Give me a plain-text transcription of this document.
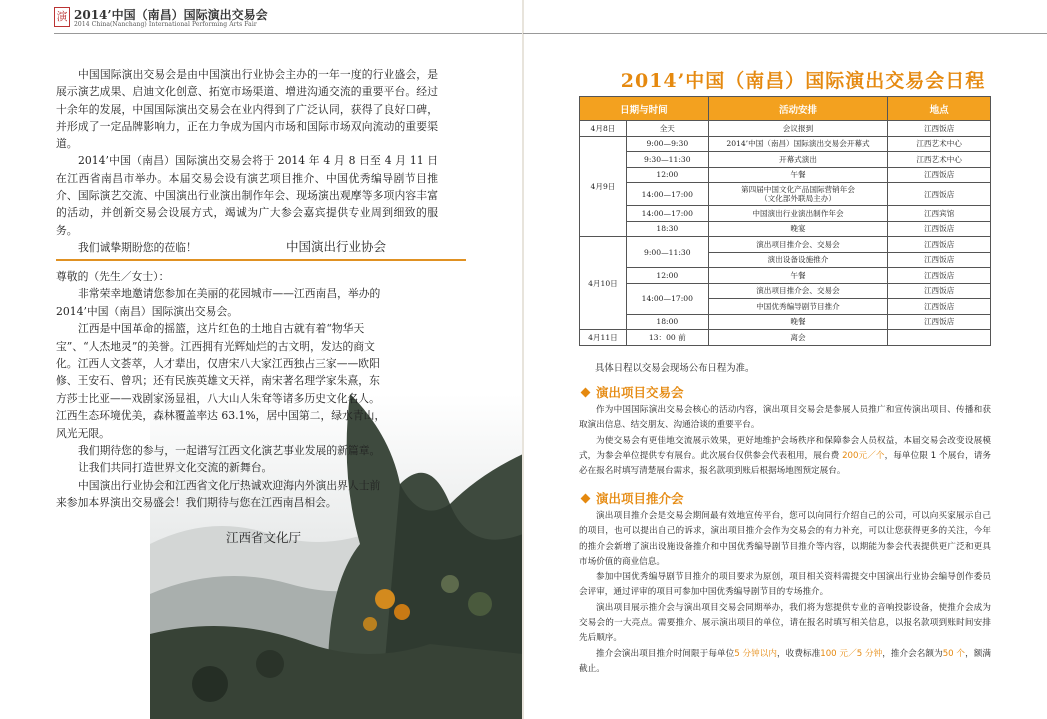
演 2014’中国（南昌）国际演出交易会
2014 China(Nanchang) International Performing Arts Fair

中国国际演出交易会是由中国演出行业协会主办的一年一度的行业盛会，是展示演艺成果、启迪文化创意、拓宽市场渠道、增进沟通交流的重要平台。经过十余年的发展，中国国际演出交易会在业内得到了广泛认同，获得了良好口碑，并形成了一定品牌影响力，正在力争成为国内市场和国际市场双向流动的重要渠道。

2014’中国（南昌）国际演出交易会将于 2014 年 4 月 8 日至 4 月 11 日在江西省南昌市举办。本届交易会设有演艺项目推介、中国优秀编导剧节目推介、国际演艺交流、中国演出行业演出制作年会、现场演出观摩等多项内容丰富的活动，并创新交易会设展方式，竭诚为广大参会嘉宾提供专业周到细致的服务。

我们诚挚期盼您的莅临！	中国演出行业协会

尊敬的（先生／女士）：

非常荣幸地邀请您参加在美丽的花园城市——江西南昌，举办的 2014’中国（南昌）国际演出交易会。

江西是中国革命的摇篮，这片红色的土地自古就有着“物华天宝”、“人杰地灵”的美誉。江西拥有光辉灿烂的古文明，发达的商文化。江西人文荟萃，人才辈出，仅唐宋八大家江西独占三家——欧阳修、王安石、曾巩；还有民族英雄文天祥，南宋著名理学家朱熹，东方莎士比亚——戏剧家汤显祖，八大山人朱耷等诸多历史文化名人。江西生态环境优美，森林覆盖率达 63.1%，居中国第二，绿水青山，风光无限。

我们期待您的参与，一起谱写江西文化演艺事业发展的新篇章。

让我们共同打造世界文化交流的新舞台。

中国演出行业协会和江西省文化厅热诚欢迎海内外演出界人士前来参加本界演出交易盛会！我们期待与您在江西南昌相会。

江西省文化厅
2014’中国（南昌）国际演出交易会日程
日期与时间		活动安排	地点
4月8日	全天	会议报到	江西饭店
4月9日	9:00—9:30	2014’中国（南昌）国际演出交易会开幕式	江西艺术中心
	9:30—11:30	开幕式演出	江西艺术中心
	12:00	午餐	江西饭店
	14:00—17:00	第四届中国文化产品国际营销年会
（文化部外联局主办）	江西饭店
	14:00—17:00	中国演出行业演出制作年会	江西宾馆
	18:30	晚宴	江西饭店
4月10日	9:00—11:30	演出项目推介会、交易会	江西饭店
		演出设备设施推介	江西饭店
	12:00	午餐	江西饭店
	14:00—17:00	演出项目推介会、交易会	江西饭店
		中国优秀编导剧节目推介	江西饭店
	18:00	晚餐	江西饭店
4月11日	13：00 前	离会	
具体日程以交易会现场公布日程为准。
演出项目交易会

作为中国国际演出交易会核心的活动内容，演出项目交易会是参展人员推广和宣传演出项目、传播和获取演出信息、结交朋友、沟通洽谈的重要平台。

为使交易会有更佳地交流展示效果，更好地维护会场秩序和保障参会人员权益，本届交易会改变设展模式，为参会单位提供专有展台。此次展台仅供参会代表租用，展台费 200元／个，每单位限 1 个展台，请务必在报名时填写清楚展台需求，报名款项到账后根据场地图预定展台。

演出项目推介会

演出项目推介会是交易会期间最有效地宣传平台，您可以向同行介绍自己的公司，可以向买家展示自己的项目，也可以提出自己的诉求，演出项目推介会作为交易会的有力补充，可以让您获得更多的关注，今年的推介会新增了演出设施设备推介和中国优秀编导剧节目推介等内容，以期能为参会代表提供更广泛和更具市场价值的商业信息。

参加中国优秀编导剧节目推介的项目要求为原创，项目相关资料需提交中国演出行业协会编导创作委员会评审，通过评审的项目可参加中国优秀编导剧节目的专场推介。

演出项目展示推介会与演出项目交易会同期举办，我们将为您提供专业的音响投影设备，使推介会成为交易会的一大亮点。需要推介、展示演出项目的单位，请在报名时填写相关信息，以报名款项到账时间安排先后顺序。

推介会演出项目推介时间限于每单位5 分钟以内，收费标准100 元／5 分钟，推介会名额为50 个，额满截止。
